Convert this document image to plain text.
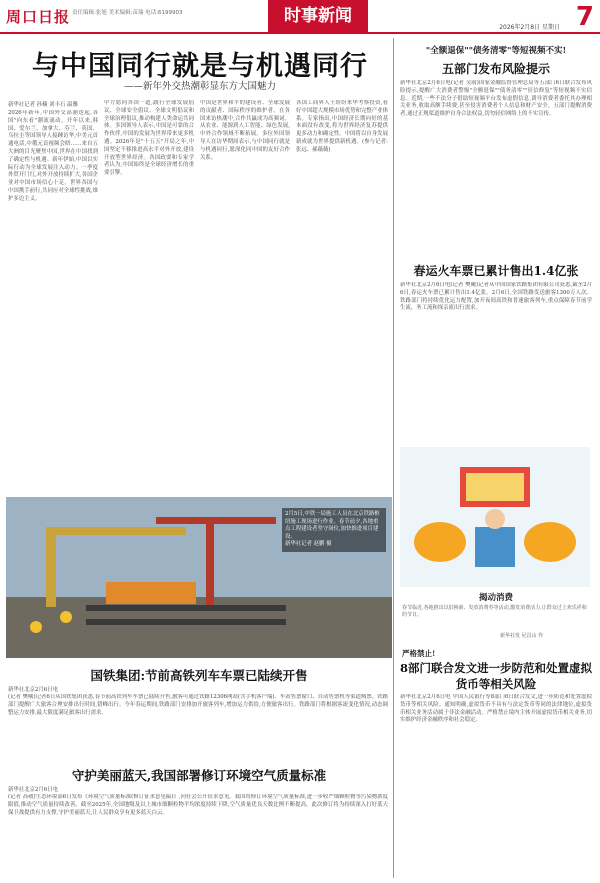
周口日报 责任编辑:张旭 美术编辑:苗瑞 电话:6199903	时事新闻
2026年2月8日 星期日 7
与中国同行就是与机遇同行
——新年外交热潮彰显东方大国魅力
新华社记者 孙楠 刘丰石 温馨
2026年新年,中国外交高潮迭起,各国"向东看"潮流涌动。开年以来,韩国、爱尔兰、加拿大、芬兰、英国、乌拉圭等国领导人接踵访华,中美元首通电话,中俄元首视频会晤……来自五大洲的目光聚焦中国,世界在中国找到了确定性与机遇。新年伊始,中国以实际行动为全球发展注入动力。一季度外贸开门红,对外开放持续扩大,各国企业对中国市场信心十足。世界各国与中国携手前行,共同应对全球性挑战,维护多边主义。
中方愿同各国一道,践行全球发展倡议、全球安全倡议、全球文明倡议和全球治理倡议,推动构建人类命运共同体。多国领导人表示,中国是可靠的合作伙伴,中国的发展为世界带来更多机遇。2026年是"十五五"开局之年,中国坚定不移推进高水平对外开放,建设开放型世界经济。各国政要和专家学者认为,中国始终是全球经济增长的重要引擎。
中国是世界和平的建设者、全球发展的贡献者、国际秩序的维护者。在各国来访热潮中,合作共赢成为高频词。从农业、能源到人工智能、绿色发展,中外合作领域不断拓展。多位外国领导人在访华期间表示,与中国同行就是与机遇同行,愿深化同中国的友好合作关系。
各国工商界人士纷纷来华考察投资,看好中国超大规模市场优势和完整产业体系。专家指出,中国经济长期向好的基本面没有改变,将为世界经济复苏提供更多动力和确定性。中国将以自身发展新成就为世界提供新机遇。(参与记者:张远、郝薇薇)
2月5日,中铁一局施工人员在北京铁路枢纽施工现场进行作业。春节前夕,各地重点工程建设者坚守岗位,加快推进项目建设。
新华社记者 赵鹏 摄
国铁集团:节前高铁列车车票已陆续开售
新华社北京2月6日电
(记者 樊曦)记者6日从国铁集团获悉,春节前高铁列车车票已陆续开售,旅客可通过铁路12306网站(含手机客户端)、车站售票窗口、自动售票机等渠道购票。铁路部门提醒广大旅客合理安排出行时间,错峰出行。今年春运期间,铁路部门安排加开旅客列车,增加运力供给,方便旅客出行。铁路部门将根据客流变化情况,动态调整运力安排,最大限度满足旅客出行需求。
守护美丽蓝天,我国部署修订环境空气质量标准
新华社北京2月6日电
(记者 高敬)生态环境部6日发布《环境空气质量标准(修订征求意见稿)》,向社会公开征求意见。我国将修订环境空气质量标准,进一步收严细颗粒物等污染物浓度限值,推动空气质量持续改善。截至2025年,全国地级及以上城市细颗粒物平均浓度持续下降,空气质量优良天数比例不断提高。此次修订将为持续深入打好蓝天保卫战提供有力支撑,守护美丽蓝天,让人民群众享有更多蓝天白云。
"全额退保""债务清零"等短视频不实!
五部门发布风险提示
新华社北京2月6日电(记者 吴雨)国家金融监督管理总局等五部门6日联合发布风险提示,提醒广大消费者警惕"全额退保""债务清零""征信修复"等短视频不实信息。近期,一些不法分子借助短视频平台发布虚假信息,诱导消费者委托其办理相关业务,收取高额手续费,甚至侵害消费者个人信息和财产安全。五部门提醒消费者,通过正规渠道维护自身合法权益,切勿轻信网络上的不实宣传。
春运火车票已累计售出1.4亿张
新华社北京2月6日电(记者 樊曦)记者从中国国家铁路集团有限公司获悉,截至2月6日,春运火车票已累计售出1.4亿张。2月6日,全国铁路发送旅客1300万人次。铁路部门将持续优化运力配置,加开夜间高铁和普速旅客列车,重点保障春节前学生流、务工流和探亲流出行需求。
揭动消费
春节临近,各地推出以旧换新、发放消费券等活动,激发消费活力,让群众过上欢乐祥和的节日。
新华社发 尼昌山 作
严格禁止!
8部门联合发文进一步防范和处置虚拟货币等相关风险
新华社北京2月6日电 中国人民银行等8部门6日联合发文,进一步防范和处置虚拟货币等相关风险。通知明确,虚拟货币不具有与法定货币等同的法律地位,虚拟货币相关业务活动属于非法金融活动。严格禁止境内主体开展虚拟货币相关业务,切实维护经济金融秩序和社会稳定。
